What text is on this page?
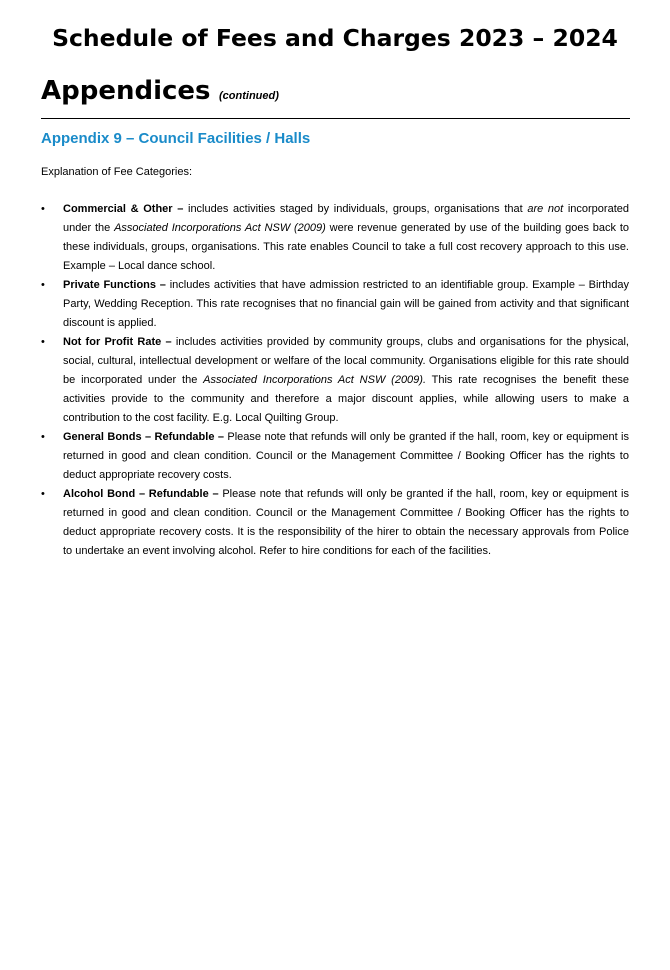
Schedule of Fees and Charges 2023 – 2024
Appendices (continued)
Appendix 9 – Council Facilities / Halls
Explanation of Fee Categories:
• Commercial & Other – includes activities staged by individuals, groups, organisations that are not incorporated under the Associated Incorporations Act NSW (2009) were revenue generated by use of the building goes back to these individuals, groups, organisations. This rate enables Council to take a full cost recovery approach to this use. Example – Local dance school.
• Private Functions – includes activities that have admission restricted to an identifiable group. Example – Birthday Party, Wedding Reception. This rate recognises that no financial gain will be gained from activity and that significant discount is applied.
• Not for Profit Rate – includes activities provided by community groups, clubs and organisations for the physical, social, cultural, intellectual development or welfare of the local community. Organisations eligible for this rate should be incorporated under the Associated Incorporations Act NSW (2009). This rate recognises the benefit these activities provide to the community and therefore a major discount applies, while allowing users to make a contribution to the cost facility. E.g. Local Quilting Group.
• General Bonds – Refundable – Please note that refunds will only be granted if the hall, room, key or equipment is returned in good and clean condition. Council or the Management Committee / Booking Officer has the rights to deduct appropriate recovery costs.
• Alcohol Bond – Refundable – Please note that refunds will only be granted if the hall, room, key or equipment is returned in good and clean condition. Council or the Management Committee / Booking Officer has the rights to deduct appropriate recovery costs. It is the responsibility of the hirer to obtain the necessary approvals from Police to undertake an event involving alcohol. Refer to hire conditions for each of the facilities.
